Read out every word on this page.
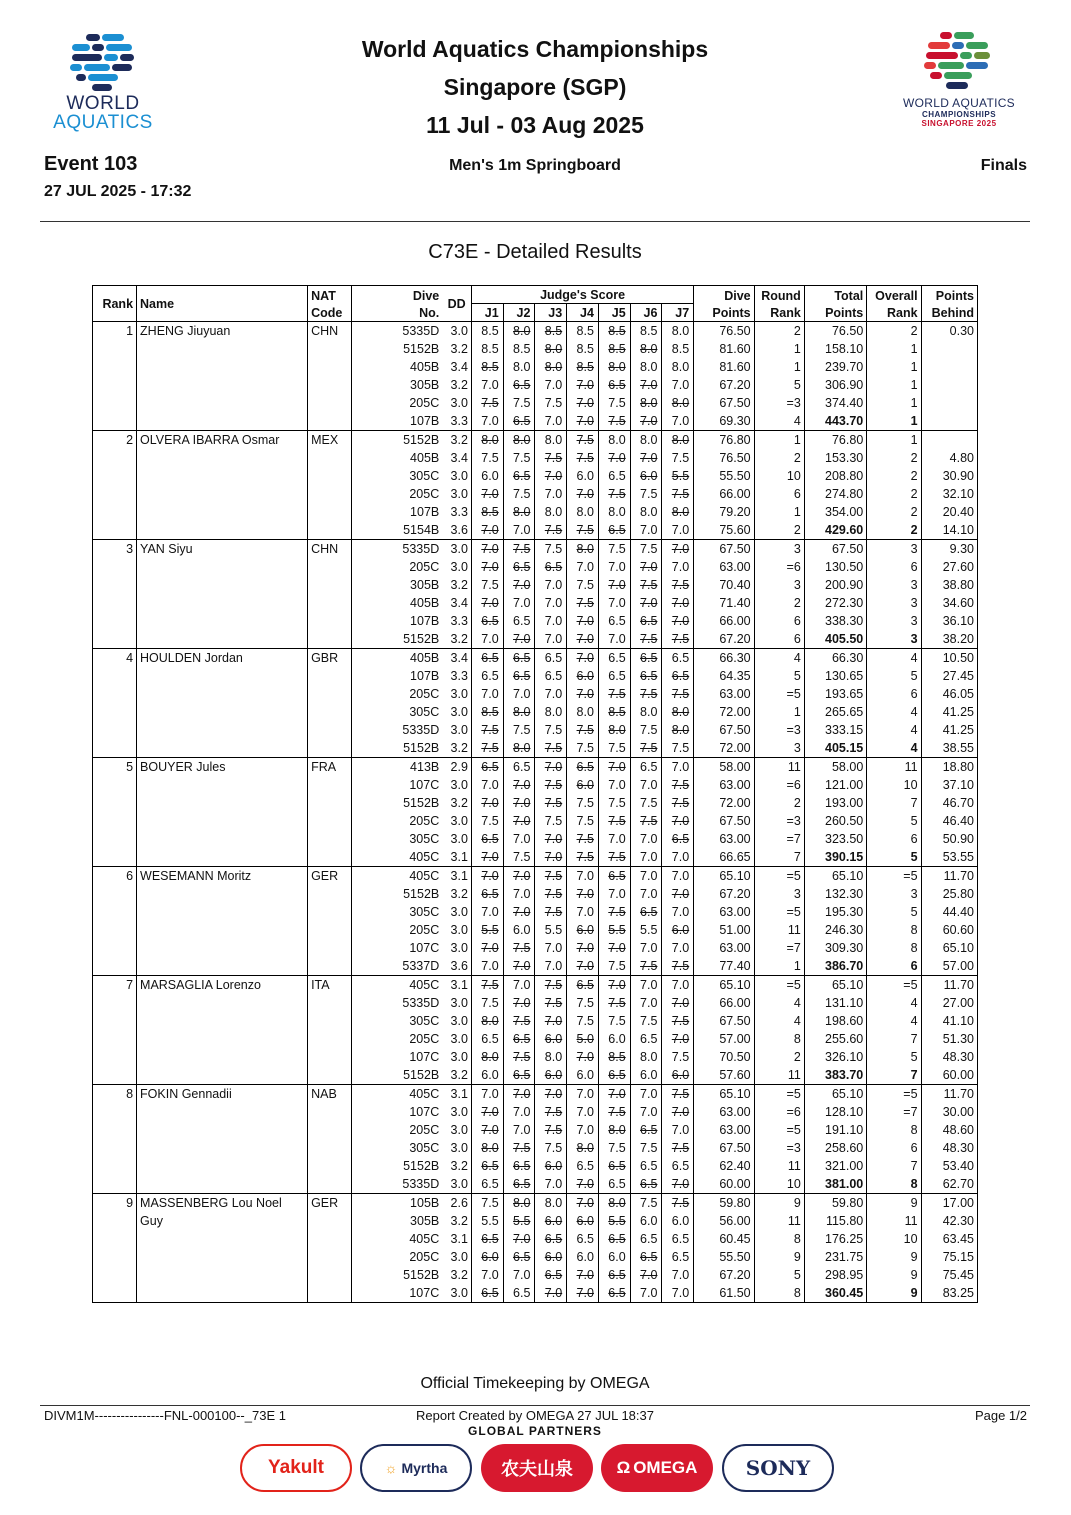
WORLD
AQUATICS
World Aquatics Championships
Singapore (SGP)
11 Jul - 03 Aug 2025
WORLD AQUATICS
CHAMPIONSHIPS
SINGAPORE 2025
Event 103
27 JUL 2025 - 17:32
Men's 1m Springboard	Finals
C73E - Detailed Results
Rank	Name	NAT	Dive	DD	Judge's Score							Dive	Round	Total	Overall	Points
		Code	No.		J1	J2	J3	J4	J5	J6	J7	Points	Rank	Points	Rank	Behind
1	ZHENG Jiuyuan	CHN	5335D	3.0	8.5	8.0	8.5	8.5	8.5	8.5	8.0	76.50	2	76.50	2	0.30
			5152B	3.2	8.5	8.5	8.0	8.5	8.5	8.0	8.5	81.60	1	158.10	1	
			405B	3.4	8.5	8.0	8.0	8.5	8.0	8.0	8.0	81.60	1	239.70	1	
			305B	3.2	7.0	6.5	7.0	7.0	6.5	7.0	7.0	67.20	5	306.90	1	
			205C	3.0	7.5	7.5	7.5	7.0	7.5	8.0	8.0	67.50	=3	374.40	1	
			107B	3.3	7.0	6.5	7.0	7.0	7.5	7.0	7.0	69.30	4	443.70	1	
2	OLVERA IBARRA Osmar	MEX	5152B	3.2	8.0	8.0	8.0	7.5	8.0	8.0	8.0	76.80	1	76.80	1	
			405B	3.4	7.5	7.5	7.5	7.5	7.0	7.0	7.5	76.50	2	153.30	2	4.80
			305C	3.0	6.0	6.5	7.0	6.0	6.5	6.0	5.5	55.50	10	208.80	2	30.90
			205C	3.0	7.0	7.5	7.0	7.0	7.5	7.5	7.5	66.00	6	274.80	2	32.10
			107B	3.3	8.5	8.0	8.0	8.0	8.0	8.0	8.0	79.20	1	354.00	2	20.40
			5154B	3.6	7.0	7.0	7.5	7.5	6.5	7.0	7.0	75.60	2	429.60	2	14.10
3	YAN Siyu	CHN	5335D	3.0	7.0	7.5	7.5	8.0	7.5	7.5	7.0	67.50	3	67.50	3	9.30
			205C	3.0	7.0	6.5	6.5	7.0	7.0	7.0	7.0	63.00	=6	130.50	6	27.60
			305B	3.2	7.5	7.0	7.0	7.5	7.0	7.5	7.5	70.40	3	200.90	3	38.80
			405B	3.4	7.0	7.0	7.0	7.5	7.0	7.0	7.0	71.40	2	272.30	3	34.60
			107B	3.3	6.5	6.5	7.0	7.0	6.5	6.5	7.0	66.00	6	338.30	3	36.10
			5152B	3.2	7.0	7.0	7.0	7.0	7.0	7.5	7.5	67.20	6	405.50	3	38.20
4	HOULDEN Jordan	GBR	405B	3.4	6.5	6.5	6.5	7.0	6.5	6.5	6.5	66.30	4	66.30	4	10.50
			107B	3.3	6.5	6.5	6.5	6.0	6.5	6.5	6.5	64.35	5	130.65	5	27.45
			205C	3.0	7.0	7.0	7.0	7.0	7.5	7.5	7.5	63.00	=5	193.65	6	46.05
			305C	3.0	8.5	8.0	8.0	8.0	8.5	8.0	8.0	72.00	1	265.65	4	41.25
			5335D	3.0	7.5	7.5	7.5	7.5	8.0	7.5	8.0	67.50	=3	333.15	4	41.25
			5152B	3.2	7.5	8.0	7.5	7.5	7.5	7.5	7.5	72.00	3	405.15	4	38.55
5	BOUYER Jules	FRA	413B	2.9	6.5	6.5	7.0	6.5	7.0	6.5	7.0	58.00	11	58.00	11	18.80
			107C	3.0	7.0	7.0	7.5	6.0	7.0	7.0	7.5	63.00	=6	121.00	10	37.10
			5152B	3.2	7.0	7.0	7.5	7.5	7.5	7.5	7.5	72.00	2	193.00	7	46.70
			205C	3.0	7.5	7.0	7.5	7.5	7.5	7.5	7.0	67.50	=3	260.50	5	46.40
			305C	3.0	6.5	7.0	7.0	7.5	7.0	7.0	6.5	63.00	=7	323.50	6	50.90
			405C	3.1	7.0	7.5	7.0	7.5	7.5	7.0	7.0	66.65	7	390.15	5	53.55
6	WESEMANN Moritz	GER	405C	3.1	7.0	7.0	7.5	7.0	6.5	7.0	7.0	65.10	=5	65.10	=5	11.70
			5152B	3.2	6.5	7.0	7.5	7.0	7.0	7.0	7.0	67.20	3	132.30	3	25.80
			305C	3.0	7.0	7.0	7.5	7.0	7.5	6.5	7.0	63.00	=5	195.30	5	44.40
			205C	3.0	5.5	6.0	5.5	6.0	5.5	5.5	6.0	51.00	11	246.30	8	60.60
			107C	3.0	7.0	7.5	7.0	7.0	7.0	7.0	7.0	63.00	=7	309.30	8	65.10
			5337D	3.6	7.0	7.0	7.0	7.0	7.5	7.5	7.5	77.40	1	386.70	6	57.00
7	MARSAGLIA Lorenzo	ITA	405C	3.1	7.5	7.0	7.5	6.5	7.0	7.0	7.0	65.10	=5	65.10	=5	11.70
			5335D	3.0	7.5	7.0	7.5	7.5	7.5	7.0	7.0	66.00	4	131.10	4	27.00
			305C	3.0	8.0	7.5	7.0	7.5	7.5	7.5	7.5	67.50	4	198.60	4	41.10
			205C	3.0	6.5	6.5	6.0	5.0	6.0	6.5	7.0	57.00	8	255.60	7	51.30
			107C	3.0	8.0	7.5	8.0	7.0	8.5	8.0	7.5	70.50	2	326.10	5	48.30
			5152B	3.2	6.0	6.5	6.0	6.0	6.5	6.0	6.0	57.60	11	383.70	7	60.00
8	FOKIN Gennadii	NAB	405C	3.1	7.0	7.0	7.0	7.0	7.0	7.0	7.5	65.10	=5	65.10	=5	11.70
			107C	3.0	7.0	7.0	7.5	7.0	7.5	7.0	7.0	63.00	=6	128.10	=7	30.00
			205C	3.0	7.0	7.0	7.5	7.0	8.0	6.5	7.0	63.00	=5	191.10	8	48.60
			305C	3.0	8.0	7.5	7.5	8.0	7.5	7.5	7.5	67.50	=3	258.60	6	48.30
			5152B	3.2	6.5	6.5	6.0	6.5	6.5	6.5	6.5	62.40	11	321.00	7	53.40
			5335D	3.0	6.5	6.5	7.0	7.0	6.5	6.5	7.0	60.00	10	381.00	8	62.70
9	MASSENBERG Lou Noel Guy	GER	105B	2.6	7.5	8.0	8.0	7.0	8.0	7.5	7.5	59.80	9	59.80	9	17.00
			305B	3.2	5.5	5.5	6.0	6.0	5.5	6.0	6.0	56.00	11	115.80	11	42.30
			405C	3.1	6.5	7.0	6.5	6.5	6.5	6.5	6.5	60.45	8	176.25	10	63.45
			205C	3.0	6.0	6.5	6.0	6.0	6.0	6.5	6.5	55.50	9	231.75	9	75.15
			5152B	3.2	7.0	7.0	6.5	7.0	6.5	7.0	7.0	67.20	5	298.95	9	75.45
			107C	3.0	6.5	6.5	7.0	7.0	6.5	7.0	7.0	61.50	8	360.45	9	83.25
Official Timekeeping by OMEGA
DIVM1M----------------FNL-000100--_73E 1	Report Created by OMEGA 27 JUL 18:37	Page 1/2
GLOBAL PARTNERS
Yakult	☼ Myrtha	农夫山泉	Ω OMEGA SONY
